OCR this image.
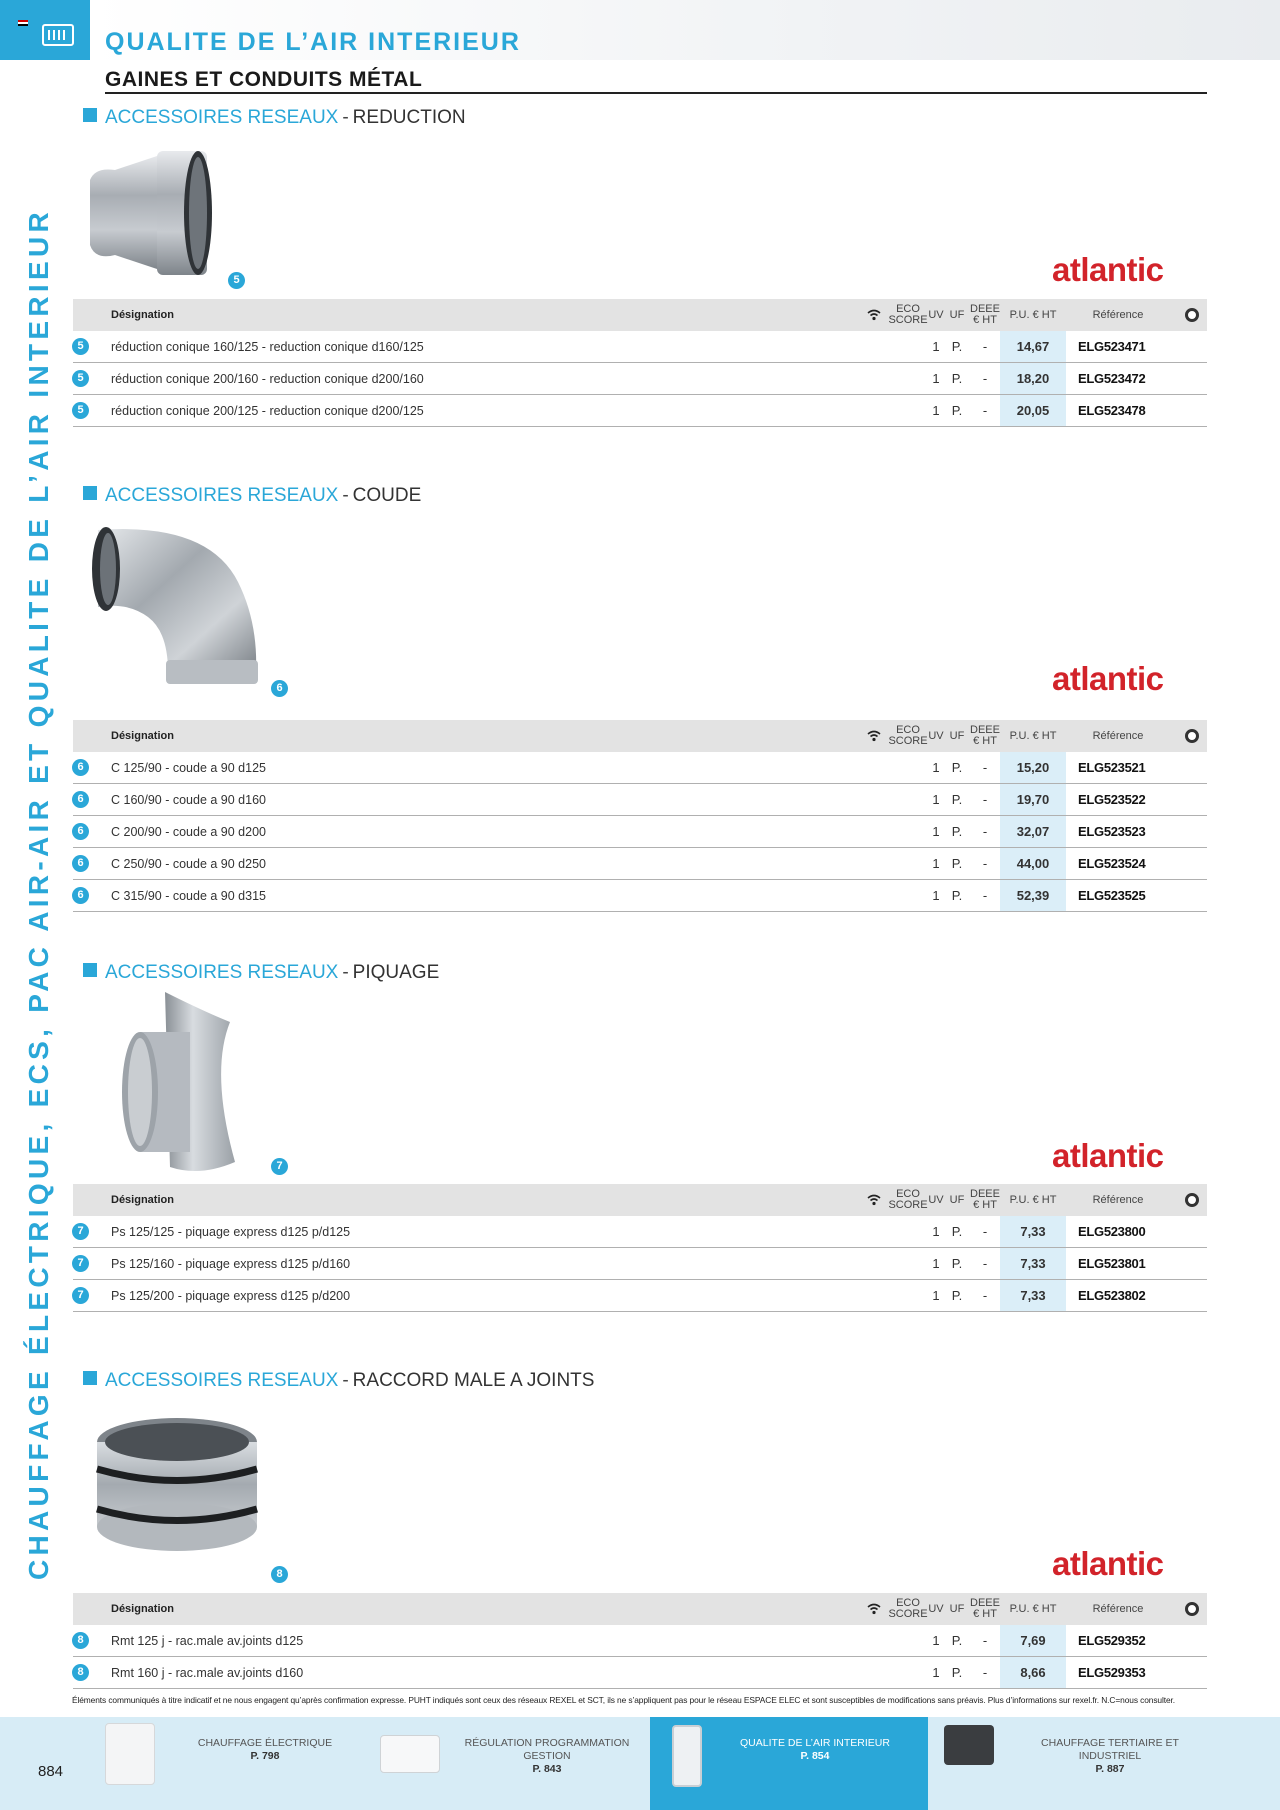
QUALITE DE L’AIR INTERIEUR
GAINES ET CONDUITS MÉTAL
CHAUFFAGE ÉLECTRIQUE, ECS, PAC AIR-AIR ET QUALITE DE L’AIR INTERIEUR
ACCESSOIRES RESEAUX - REDUCTION
5	atlantic
Désignation	ECO SCORE UV UF DEEE € HT	P.U. € HT	Référence
5	réduction conique 160/125 - reduction conique d160/125	1 P.	-	14,67	ELG523471
5	réduction conique 200/160 - reduction conique d200/160	1 P.	-	18,20	ELG523472
5	réduction conique 200/125 - reduction conique d200/125	1 P.	-	20,05	ELG523478
ACCESSOIRES RESEAUX - COUDE
6	atlantic
Désignation	ECO SCORE UV UF DEEE € HT	P.U. € HT	Référence
6	C 125/90 - coude a 90 d125	1 P.	-	15,20	ELG523521
6	C 160/90 - coude a 90 d160	1 P.	-	19,70	ELG523522
6	C 200/90 - coude a 90 d200	1 P.	-	32,07	ELG523523
6	C 250/90 - coude a 90 d250	1 P.	-	44,00	ELG523524
6	C 315/90 - coude a 90 d315	1 P.	-	52,39	ELG523525
ACCESSOIRES RESEAUX - PIQUAGE
7	atlantic
Désignation	ECO SCORE UV UF DEEE € HT	P.U. € HT	Référence
7	Ps 125/125 - piquage express d125 p/d125	1 P.	-	7,33	ELG523800
7	Ps 125/160 - piquage express d125 p/d160	1 P.	-	7,33	ELG523801
7	Ps 125/200 - piquage express d125 p/d200	1 P.	-	7,33	ELG523802
ACCESSOIRES RESEAUX - RACCORD MALE A JOINTS
8	atlantic
Désignation	ECO SCORE UV UF DEEE € HT	P.U. € HT	Référence
8	Rmt 125 j - rac.male av.joints d125	1 P.	-	7,69	ELG529352
8	Rmt 160 j - rac.male av.joints d160	1 P.	-	8,66	ELG529353
Éléments communiqués à titre indicatif et ne nous engagent qu’après confirmation expresse. PUHT indiqués sont ceux des réseaux REXEL et SCT, ils ne s’appliquent pas pour le réseau ESPACE ELEC et sont susceptibles de modifications sans préavis. Plus d’informations sur rexel.fr. N.C=nous consulter.
884
CHAUFFAGE ÉLECTRIQUE
P. 798
RÉGULATION PROGRAMMATION GESTION
P. 843
QUALITE DE L’AIR INTERIEUR
P. 854
CHAUFFAGE TERTIAIRE ET INDUSTRIEL
P. 887
